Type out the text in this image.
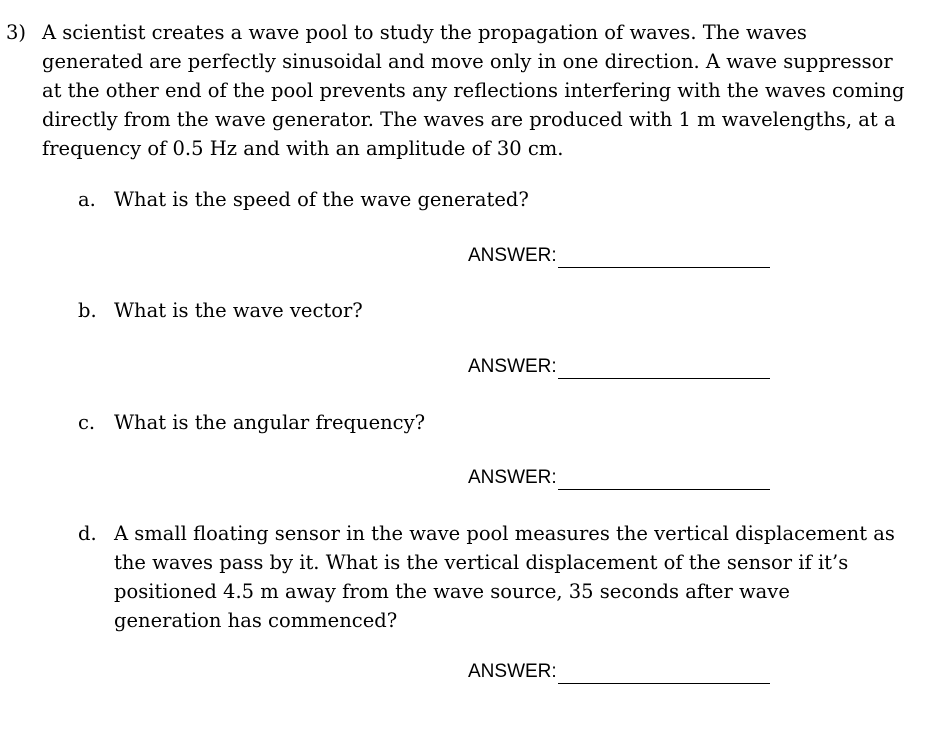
3) A scientist creates a wave pool to study the propagation of waves. The waves generated are perfectly sinusoidal and move only in one direction. A wave suppressor at the other end of the pool prevents any reflections interfering with the waves coming directly from the wave generator. The waves are produced with 1 m wavelengths, at a frequency of 0.5 Hz and with an amplitude of 30 cm.
a. What is the speed of the wave generated?
ANSWER:
b. What is the wave vector?
ANSWER:
c. What is the angular frequency?
ANSWER:
d. A small floating sensor in the wave pool measures the vertical displacement as the waves pass by it. What is the vertical displacement of the sensor if it’s positioned 4.5 m away from the wave source, 35 seconds after wave generation has commenced?
ANSWER:
